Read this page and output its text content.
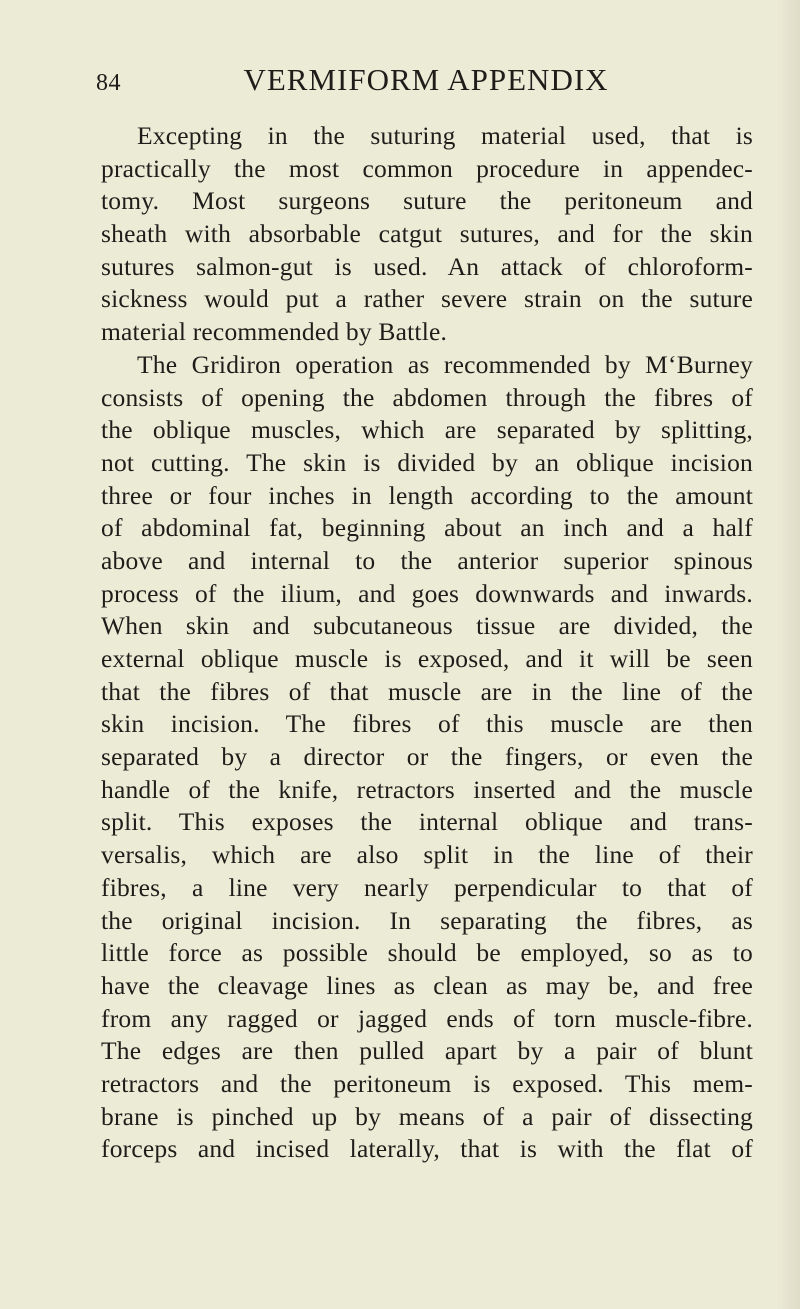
84	VERMIFORM APPENDIX
Excepting in the suturing material used, that is
practically the most common procedure in appendec-
tomy. Most surgeons suture the peritoneum and
sheath with absorbable catgut sutures, and for the skin
sutures salmon-gut is used. An attack of chloroform-
sickness would put a rather severe strain on the suture
material recommended by Battle.
The Gridiron operation as recommended by M‘Burney
consists of opening the abdomen through the fibres of
the oblique muscles, which are separated by splitting,
not cutting. The skin is divided by an oblique incision
three or four inches in length according to the amount
of abdominal fat, beginning about an inch and a half
above and internal to the anterior superior spinous
process of the ilium, and goes downwards and inwards.
When skin and subcutaneous tissue are divided, the
external oblique muscle is exposed, and it will be seen
that the fibres of that muscle are in the line of the
skin incision. The fibres of this muscle are then
separated by a director or the fingers, or even the
handle of the knife, retractors inserted and the muscle
split. This exposes the internal oblique and trans-
versalis, which are also split in the line of their
fibres, a line very nearly perpendicular to that of
the original incision. In separating the fibres, as
little force as possible should be employed, so as to
have the cleavage lines as clean as may be, and free
from any ragged or jagged ends of torn muscle-fibre.
The edges are then pulled apart by a pair of blunt
retractors and the peritoneum is exposed. This mem-
brane is pinched up by means of a pair of dissecting
forceps and incised laterally, that is with the flat of
